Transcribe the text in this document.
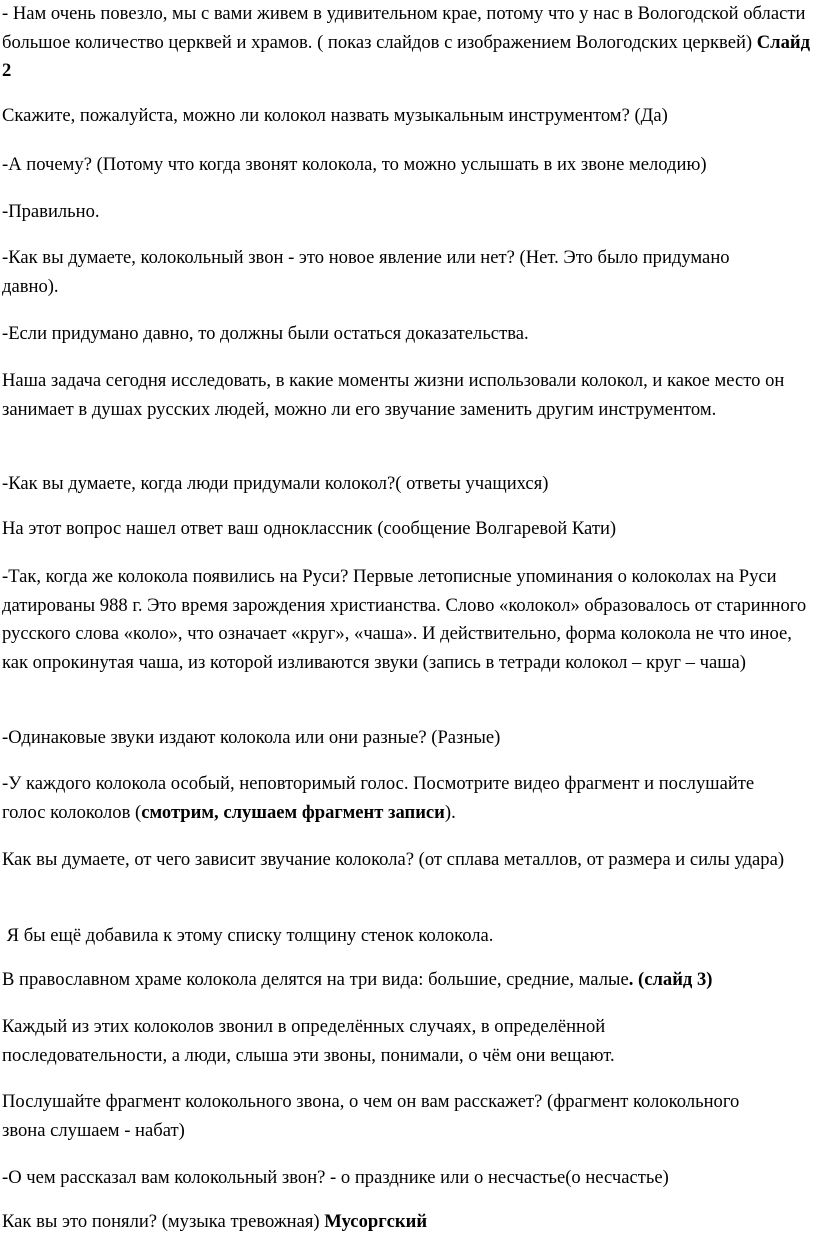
- Нам очень повезло, мы с вами живем в удивительном крае, потому что у нас в Вологодской области большое количество церквей и храмов. ( показ слайдов с изображением Вологодских церквей) Слайд 2

Скажите, пожалуйста, можно ли колокол назвать музыкальным инструментом? (Да)

-А почему? (Потому что когда звонят колокола, то можно услышать в их звоне мелодию)

-Правильно.

-Как вы думаете, колокольный звон - это новое явление или нет? (Нет. Это было придумано давно).

-Если придумано давно, то должны были остаться доказательства.

Наша задача сегодня исследовать, в какие моменты жизни использовали колокол, и какое место он занимает в душах русских людей, можно ли его звучание заменить другим инструментом.

-Как вы думаете, когда люди придумали колокол?( ответы учащихся)

На этот вопрос нашел ответ ваш одноклассник (сообщение Волгаревой Кати)

-Так, когда же колокола появились на Руси? Первые летописные упоминания о колоколах на Руси датированы 988 г. Это время зарождения христианства. Слово «колокол» образовалось от старинного русского слова «коло», что означает «круг», «чаша». И действительно, форма колокола не что иное, как опрокинутая чаша, из которой изливаются звуки (запись в тетради колокол – круг – чаша)

-Одинаковые звуки издают колокола или они разные? (Разные)

-У каждого колокола особый, неповторимый голос. Посмотрите видео фрагмент и послушайте голос колоколов (смотрим, слушаем фрагмент записи).

Как вы думаете, от чего зависит звучание колокола? (от сплава металлов, от размера и силы удара)

Я бы ещё добавила к этому списку толщину стенок колокола.

В православном храме колокола делятся на три вида: большие, средние, малые. (слайд 3)

Каждый из этих колоколов звонил в определённых случаях, в определённой последовательности, а люди, слыша эти звоны, понимали, о чём они вещают.

Послушайте фрагмент колокольного звона, о чем он вам расскажет? (фрагмент колокольного звона слушаем - набат)

-О чем рассказал вам колокольный звон? - о празднике или о несчастье(о несчастье)

Как вы это поняли? (музыка тревожная) Мусоргский
